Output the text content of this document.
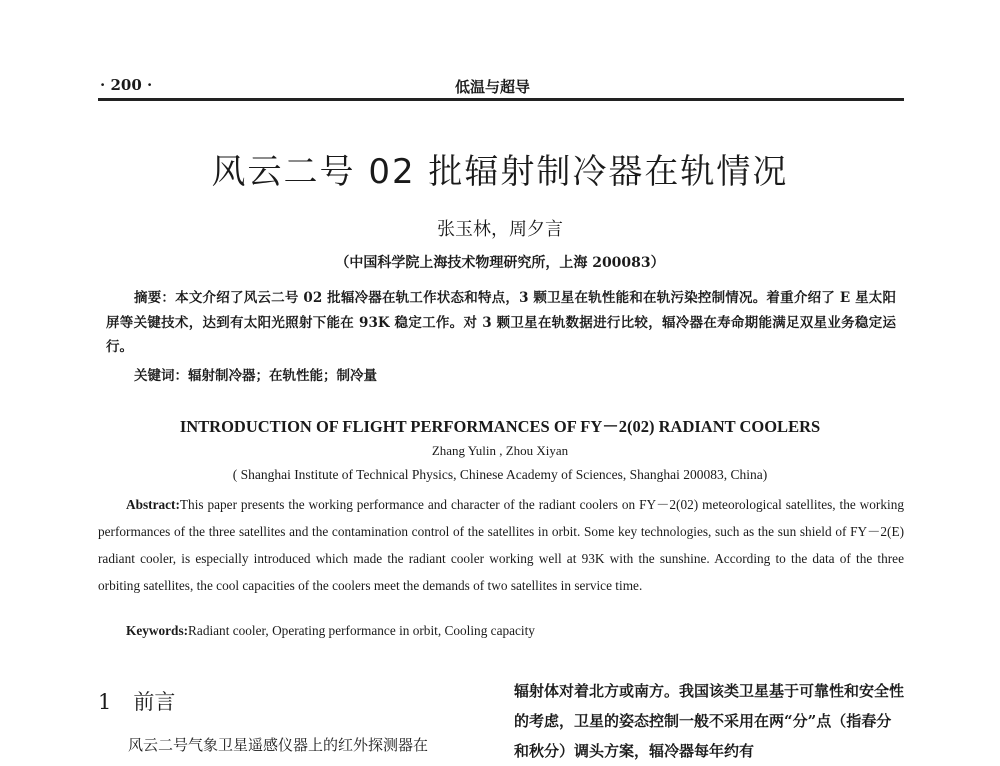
· 200 ·	低温与超导
风云二号 02 批辐射制冷器在轨情况
张玉林，周夕言
（中国科学院上海技术物理研究所，上海 200083）
摘要：本文介绍了风云二号 02 批辐冷器在轨工作状态和特点，3 颗卫星在轨性能和在轨污染控制情况。着重介绍了 E 星太阳屏等关键技术，达到有太阳光照射下能在 93K 稳定工作。对 3 颗卫星在轨数据进行比较，辐冷器在寿命期能满足双星业务稳定运行。
关键词：辐射制冷器；在轨性能；制冷量
INTRODUCTION OF FLIGHT PERFORMANCES OF FY－2(02) RADIANT COOLERS
Zhang Yulin , Zhou Xiyan
( Shanghai Institute of Technical Physics, Chinese Academy of Sciences, Shanghai 200083, China)
Abstract:This paper presents the working performance and character of the radiant coolers on FY－2(02) meteorological satellites, the working performances of the three satellites and the contamination control of the satellites in orbit. Some key technologies, such as the sun shield of FY－2(E) radiant cooler, is especially introduced which made the radiant cooler working well at 93K with the sunshine. According to the data of the three orbiting satellites, the cool capacities of the coolers meet the demands of two satellites in service time.
Keywords:Radiant cooler, Operating performance in orbit, Cooling capacity
1 前言
风云二号气象卫星遥感仪器上的红外探测器在
辐射体对着北方或南方。我国该类卫星基于可靠性和安全性的考虑，卫星的姿态控制一般不采用在两“分”点（指春分和秋分）调头方案，辐冷器每年约有
